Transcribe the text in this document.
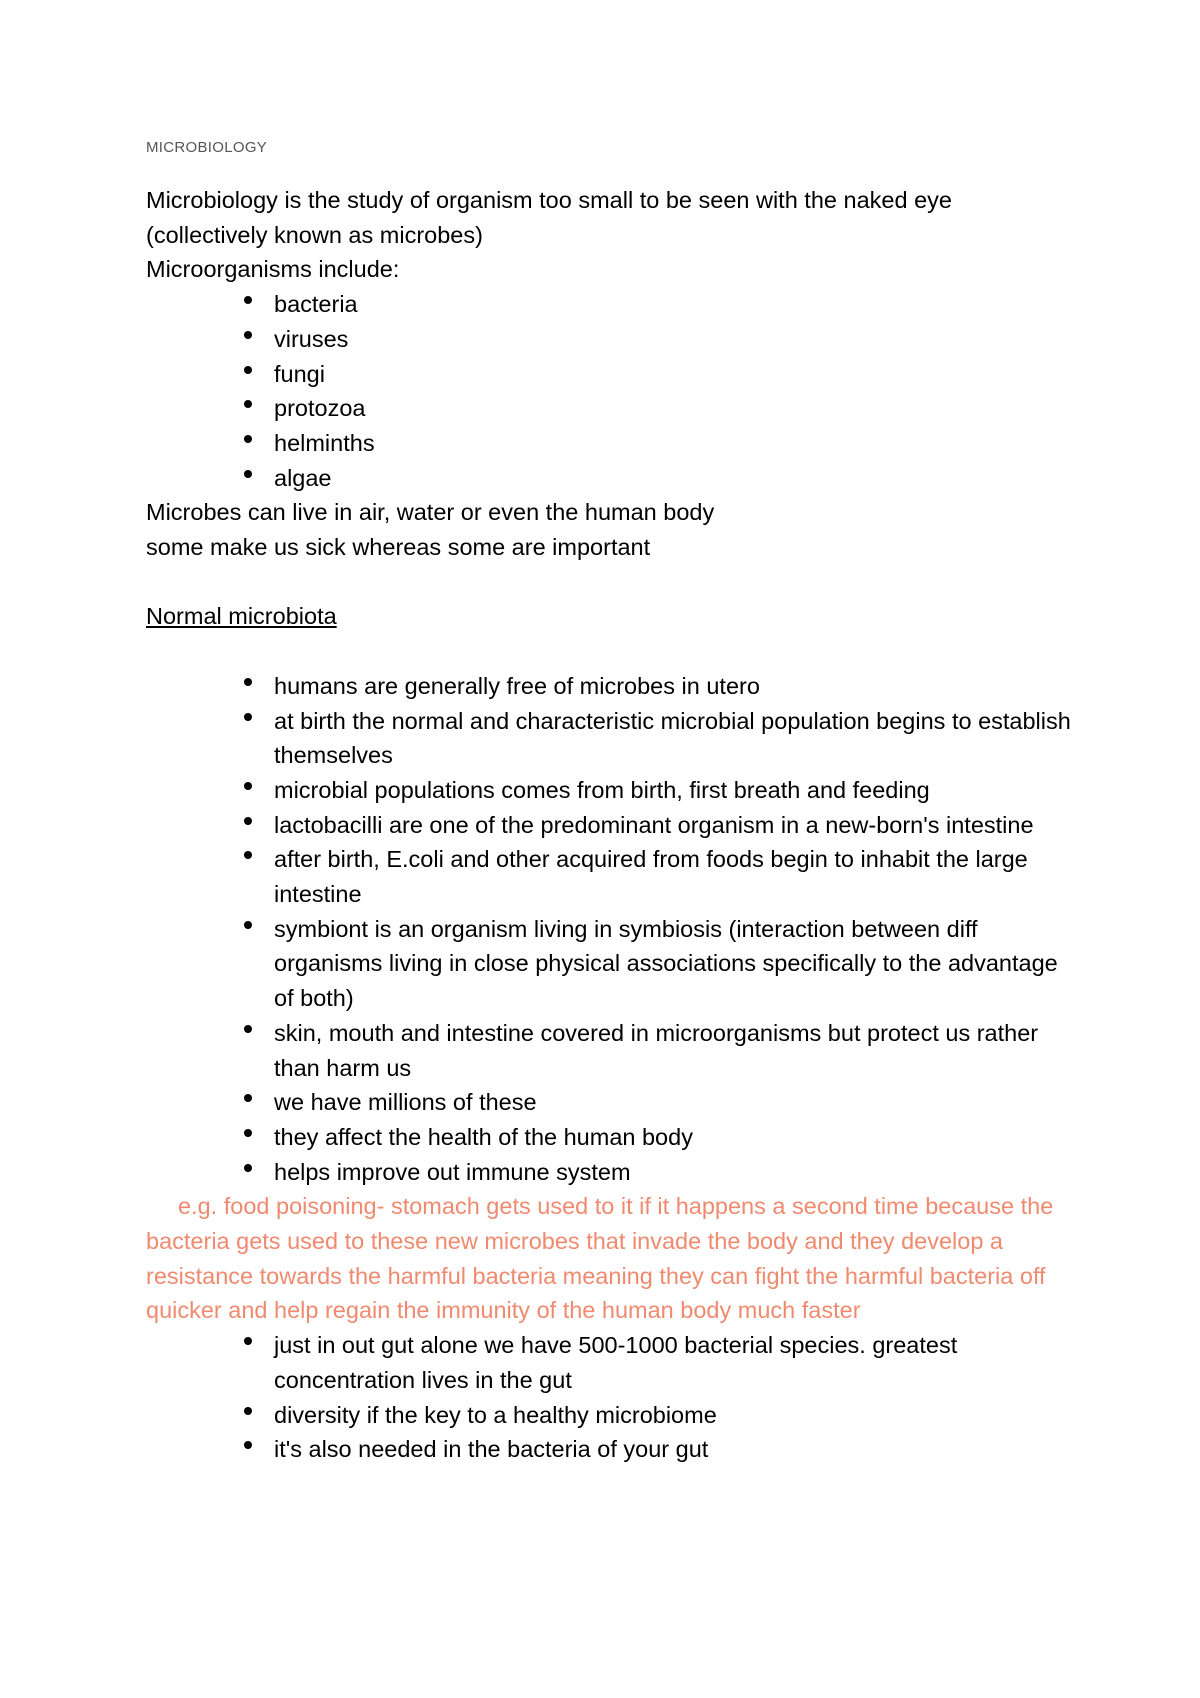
MICROBIOLOGY

Microbiology is the study of organism too small to be seen with the naked eye

(collectively known as microbes)

Microorganisms include:

bacteria
viruses
fungi
protozoa
helminths
algae

Microbes can live in air, water or even the human body

some make us sick whereas some are important

Normal microbiota

humans are generally free of microbes in utero
at birth the normal and characteristic microbial population begins to establish themselves
microbial populations comes from birth, first breath and feeding
lactobacilli are one of the predominant organism in a new-born's intestine
after birth, E.coli and other acquired from foods begin to inhabit the large intestine
symbiont is an organism living in symbiosis (interaction between diff organisms living in close physical associations specifically to the advantage of both)
skin, mouth and intestine covered in microorganisms but protect us rather than harm us
we have millions of these
they affect the health of the human body
helps improve out immune system

e.g. food poisoning- stomach gets used to it if it happens a second time because the bacteria gets used to these new microbes that invade the body and they develop a resistance towards the harmful bacteria meaning they can fight the harmful bacteria off quicker and help regain the immunity of the human body much faster

just in out gut alone we have 500-1000 bacterial species. greatest concentration lives in the gut
diversity if the key to a healthy microbiome
it's also needed in the bacteria of your gut
